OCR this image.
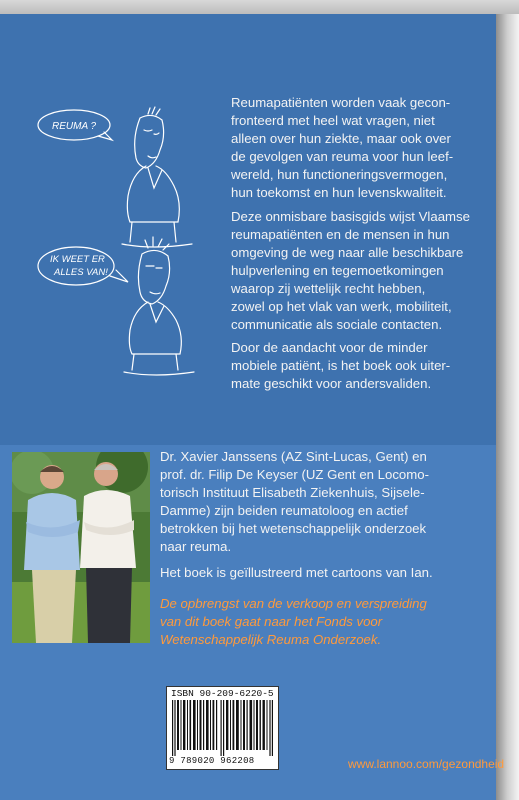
REUMA ?
IK WEET ER
ALLES VAN!

Reumapatiënten worden vaak gecon-
fronteerd met heel wat vragen, niet
alleen over hun ziekte, maar ook over
de gevolgen van reuma voor hun leef-
wereld, hun functioneringsvermogen,
hun toekomst en hun levenskwaliteit.

Deze onmisbare basisgids wijst Vlaamse
reumapatiënten en de mensen in hun
omgeving de weg naar alle beschikbare
hulpverlening en tegemoetkomingen
waarop zij wettelijk recht hebben,
zowel op het vlak van werk, mobiliteit,
communicatie als sociale contacten.

Door de aandacht voor de minder
mobiele patiënt, is het boek ook uiter-
mate geschikt voor andersvaliden.

Dr. Xavier Janssens (AZ Sint-Lucas, Gent) en
prof. dr. Filip De Keyser (UZ Gent en Locomo-
torisch Instituut Elisabeth Ziekenhuis, Sijsele-
Damme) zijn beiden reumatoloog en actief
betrokken bij het wetenschappelijk onderzoek
naar reuma.

Het boek is geïllustreerd met cartoons van Ian.

De opbrengst van de verkoop en verspreiding
van dit boek gaat naar het Fonds voor
Wetenschappelijk Reuma Onderzoek.

ISBN 90-209-6220-5
9 789020 962208	www.lannoo.com/gezondheid
